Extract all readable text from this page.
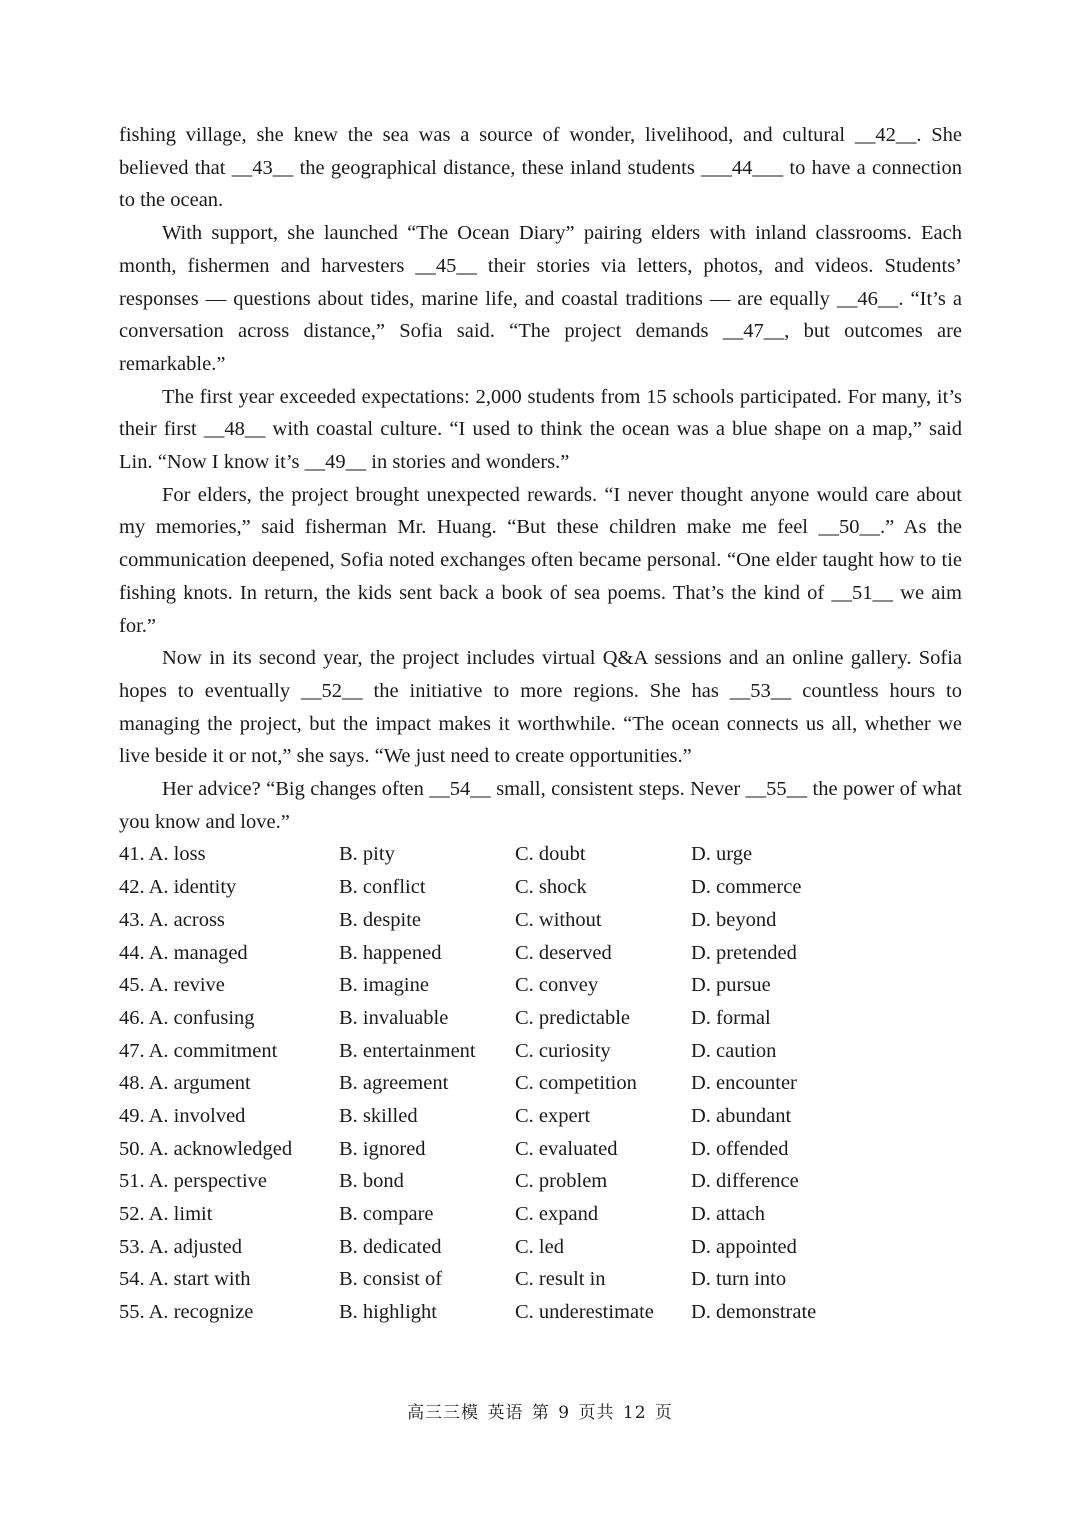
fishing village, she knew the sea was a source of wonder, livelihood, and cultural __42__. She believed that __43__ the geographical distance, these inland students ___44___ to have a connection to the ocean.

With support, she launched “The Ocean Diary” pairing elders with inland classrooms. Each month, fishermen and harvesters __45__ their stories via letters, photos, and videos. Students’ responses — questions about tides, marine life, and coastal traditions — are equally __46__. “It’s a conversation across distance,” Sofia said. “The project demands __47__, but outcomes are remarkable.”

The first year exceeded expectations: 2,000 students from 15 schools participated. For many, it’s their first __48__ with coastal culture. “I used to think the ocean was a blue shape on a map,” said Lin. “Now I know it’s __49__ in stories and wonders.”

For elders, the project brought unexpected rewards. “I never thought anyone would care about my memories,” said fisherman Mr. Huang. “But these children make me feel __50__.” As the communication deepened, Sofia noted exchanges often became personal. “One elder taught how to tie fishing knots. In return, the kids sent back a book of sea poems. That’s the kind of __51__ we aim for.”

Now in its second year, the project includes virtual Q&A sessions and an online gallery. Sofia hopes to eventually __52__ the initiative to more regions. She has __53__ countless hours to managing the project, but the impact makes it worthwhile. “The ocean connects us all, whether we live beside it or not,” she says. “We just need to create opportunities.”

Her advice? “Big changes often __54__ small, consistent steps. Never __55__ the power of what you know and love.”

41. A. loss	B. pity	C. doubt	D. urge
42. A. identity	B. conflict	C. shock	D. commerce
43. A. across	B. despite	C. without	D. beyond
44. A. managed	B. happened	C. deserved	D. pretended
45. A. revive	B. imagine	C. convey	D. pursue
46. A. confusing	B. invaluable	C. predictable	D. formal
47. A. commitment	B. entertainment	C. curiosity	D. caution
48. A. argument	B. agreement	C. competition	D. encounter
49. A. involved	B. skilled	C. expert	D. abundant
50. A. acknowledged	B. ignored	C. evaluated	D. offended
51. A. perspective	B. bond	C. problem	D. difference
52. A. limit	B. compare	C. expand	D. attach
53. A. adjusted	B. dedicated	C. led	D. appointed
54. A. start with	B. consist of	C. result in	D. turn into
55. A. recognize	B. highlight	C. underestimate	D. demonstrate
高三三模 英语 第 9 页共 12 页
